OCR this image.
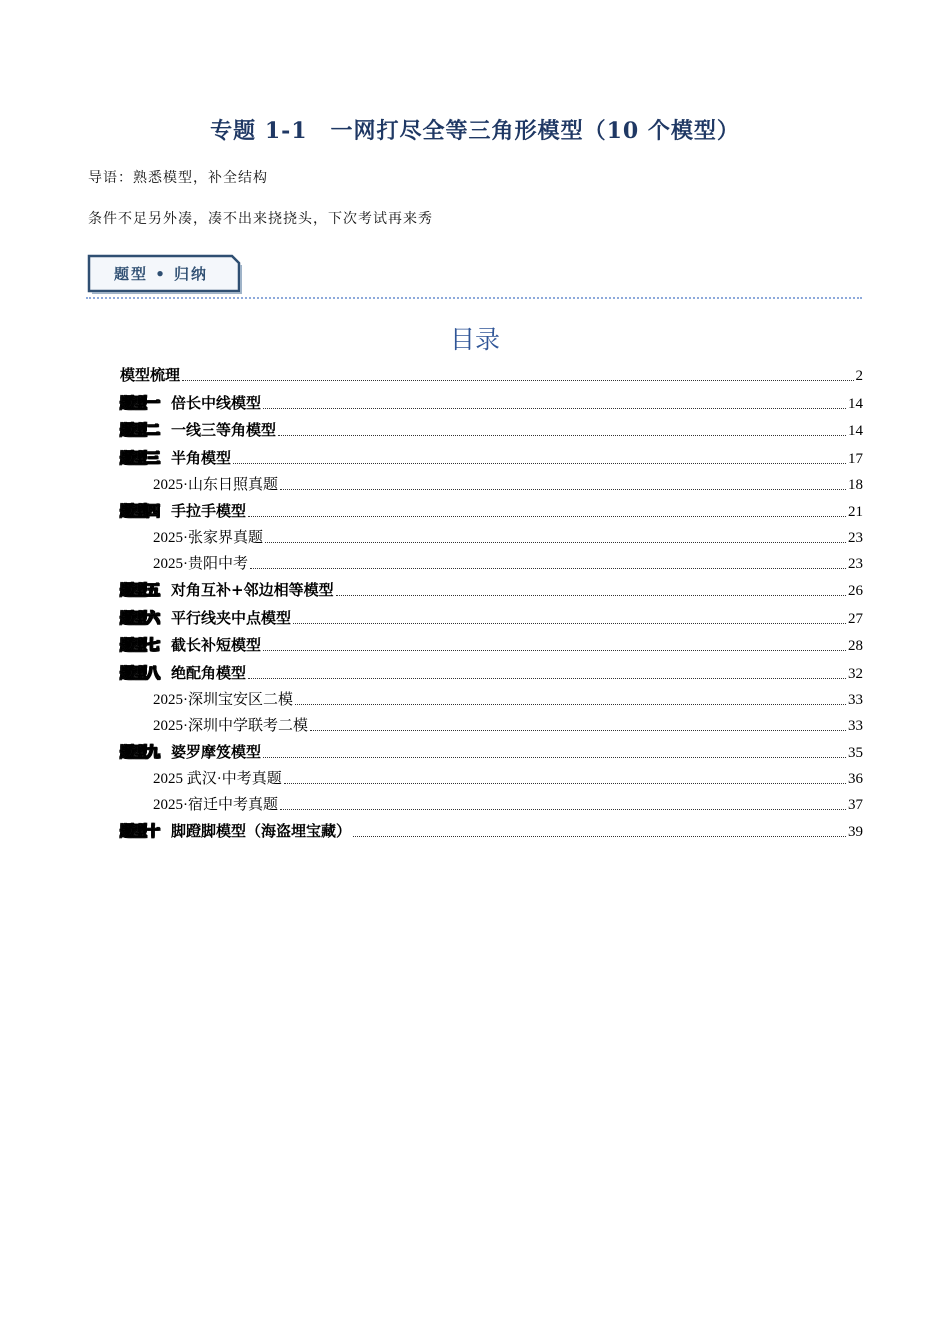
专题 1-1　一网打尽全等三角形模型（10 个模型）
导语：熟悉模型，补全结构
条件不足另外凑，凑不出来挠挠头，下次考试再来秀
题型 • 归纳
目录
模型梳理	2
题型一 倍长中线模型	14
题型二 一线三等角模型	14
题型三 半角模型	17
2025·山东日照真题	18
题型四 手拉手模型	21
2025·张家界真题	23
2025·贵阳中考	23
题型五 对角互补+邻边相等模型	26
题型六 平行线夹中点模型	27
题型七 截长补短模型	28
题型八 绝配角模型	32
2025·深圳宝安区二模	33
2025·深圳中学联考二模	33
题型九 婆罗摩笈模型	35
2025 武汉·中考真题	36
2025·宿迁中考真题	37
题型十 脚蹬脚模型（海盗埋宝藏）	39
